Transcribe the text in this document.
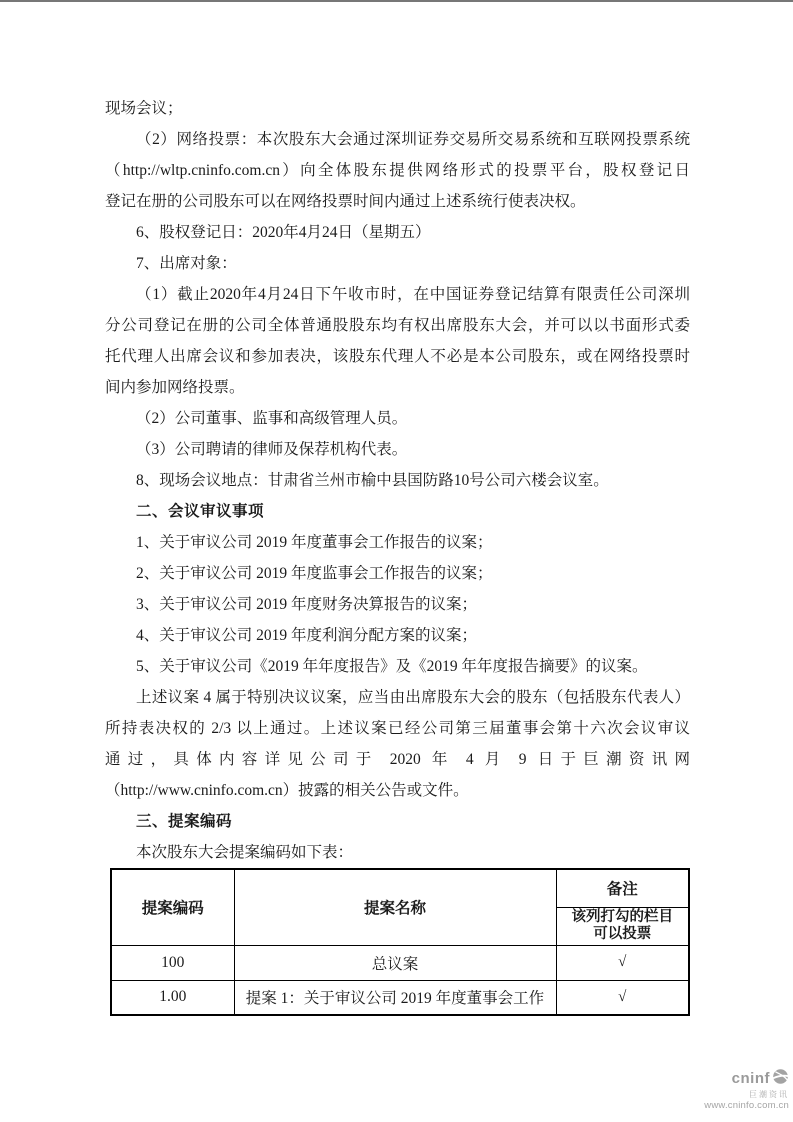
现场会议；
（2）网络投票：本次股东大会通过深圳证券交易所交易系统和互联网投票系统
（http://wltp.cninfo.com.cn）向全体股东提供网络形式的投票平台，股权登记日
登记在册的公司股东可以在网络投票时间内通过上述系统行使表决权。
6、股权登记日：2020年4月24日（星期五）
7、出席对象：
（1）截止2020年4月24日下午收市时，在中国证券登记结算有限责任公司深圳
分公司登记在册的公司全体普通股股东均有权出席股东大会，并可以以书面形式委
托代理人出席会议和参加表决，该股东代理人不必是本公司股东，或在网络投票时
间内参加网络投票。
（2）公司董事、监事和高级管理人员。
（3）公司聘请的律师及保荐机构代表。
8、现场会议地点：甘肃省兰州市榆中县国防路10号公司六楼会议室。
二、会议审议事项
1、关于审议公司 2019 年度董事会工作报告的议案；
2、关于审议公司 2019 年度监事会工作报告的议案；
3、关于审议公司 2019 年度财务决算报告的议案；
4、关于审议公司 2019 年度利润分配方案的议案；
5、关于审议公司《2019 年年度报告》及《2019 年年度报告摘要》的议案。
上述议案 4 属于特别决议议案，应当由出席股东大会的股东（包括股东代表人）
所持表决权的 2/3 以上通过。上述议案已经公司第三届董事会第十六次会议审议
通过，具体内容详见公司于 2020 年 4 月 9 日于巨潮资讯网
（http://www.cninfo.com.cn）披露的相关公告或文件。
三、提案编码
本次股东大会提案编码如下表：
提案编码	提案名称	备注

		该列打勾的栏目
可以投票

100	总议案	√
1.00	提案 1：关于审议公司 2019 年度董事会工作	√
cninf
巨潮资讯
www.cninfo.com.cn
